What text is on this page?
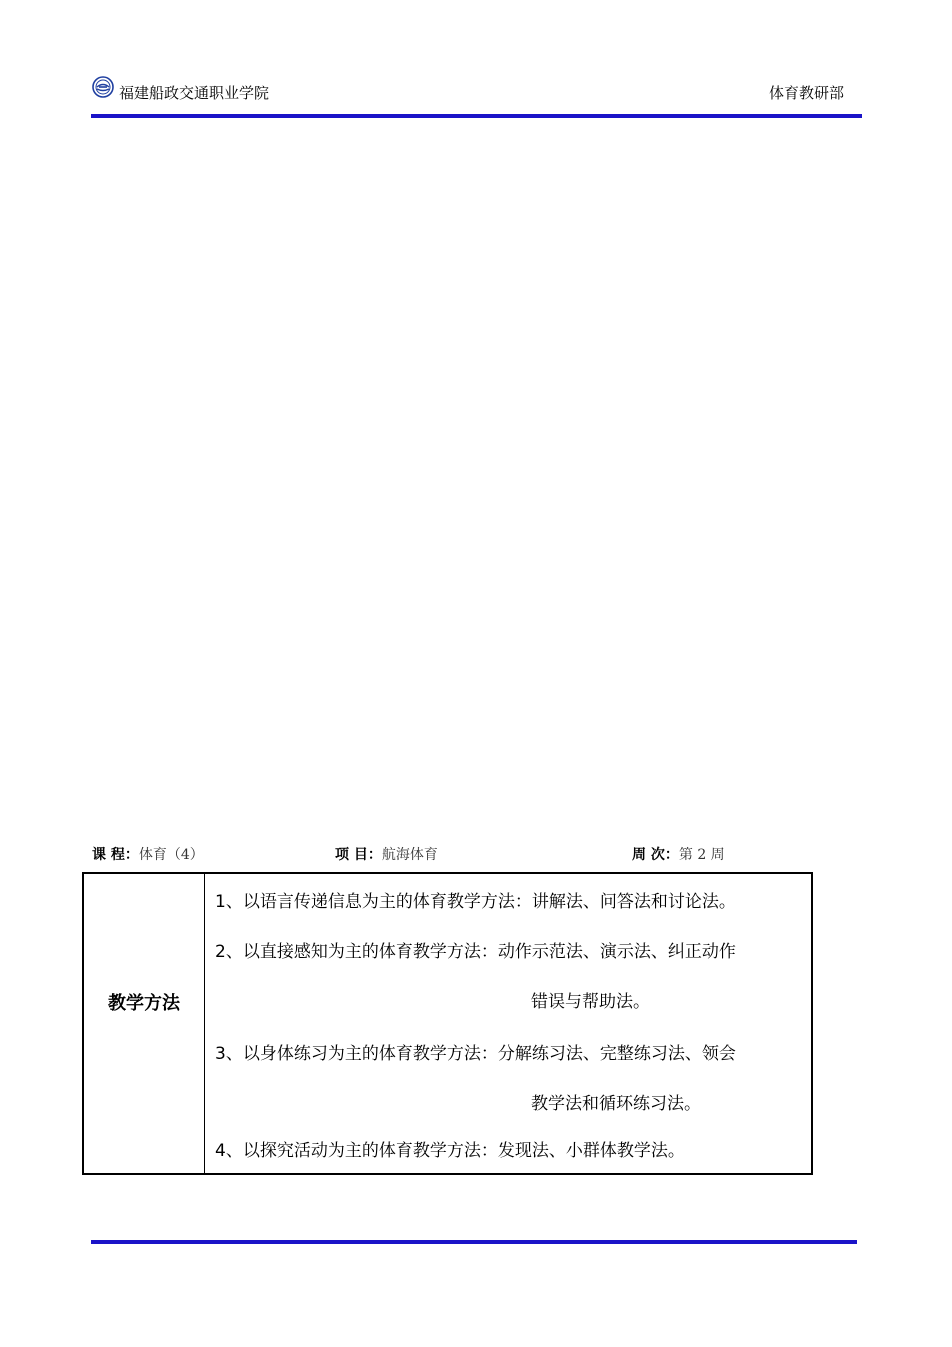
福建船政交通职业学院	体育教研部
课 程：体育（4）	项 目：航海体育	周 次：第 2 周
教学方法
1、以语言传递信息为主的体育教学方法：讲解法、问答法和讨论法。
2、以直接感知为主的体育教学方法：动作示范法、演示法、纠正动作
错误与帮助法。
3、以身体练习为主的体育教学方法：分解练习法、完整练习法、领会
教学法和循环练习法。
4、以探究活动为主的体育教学方法：发现法、小群体教学法。
